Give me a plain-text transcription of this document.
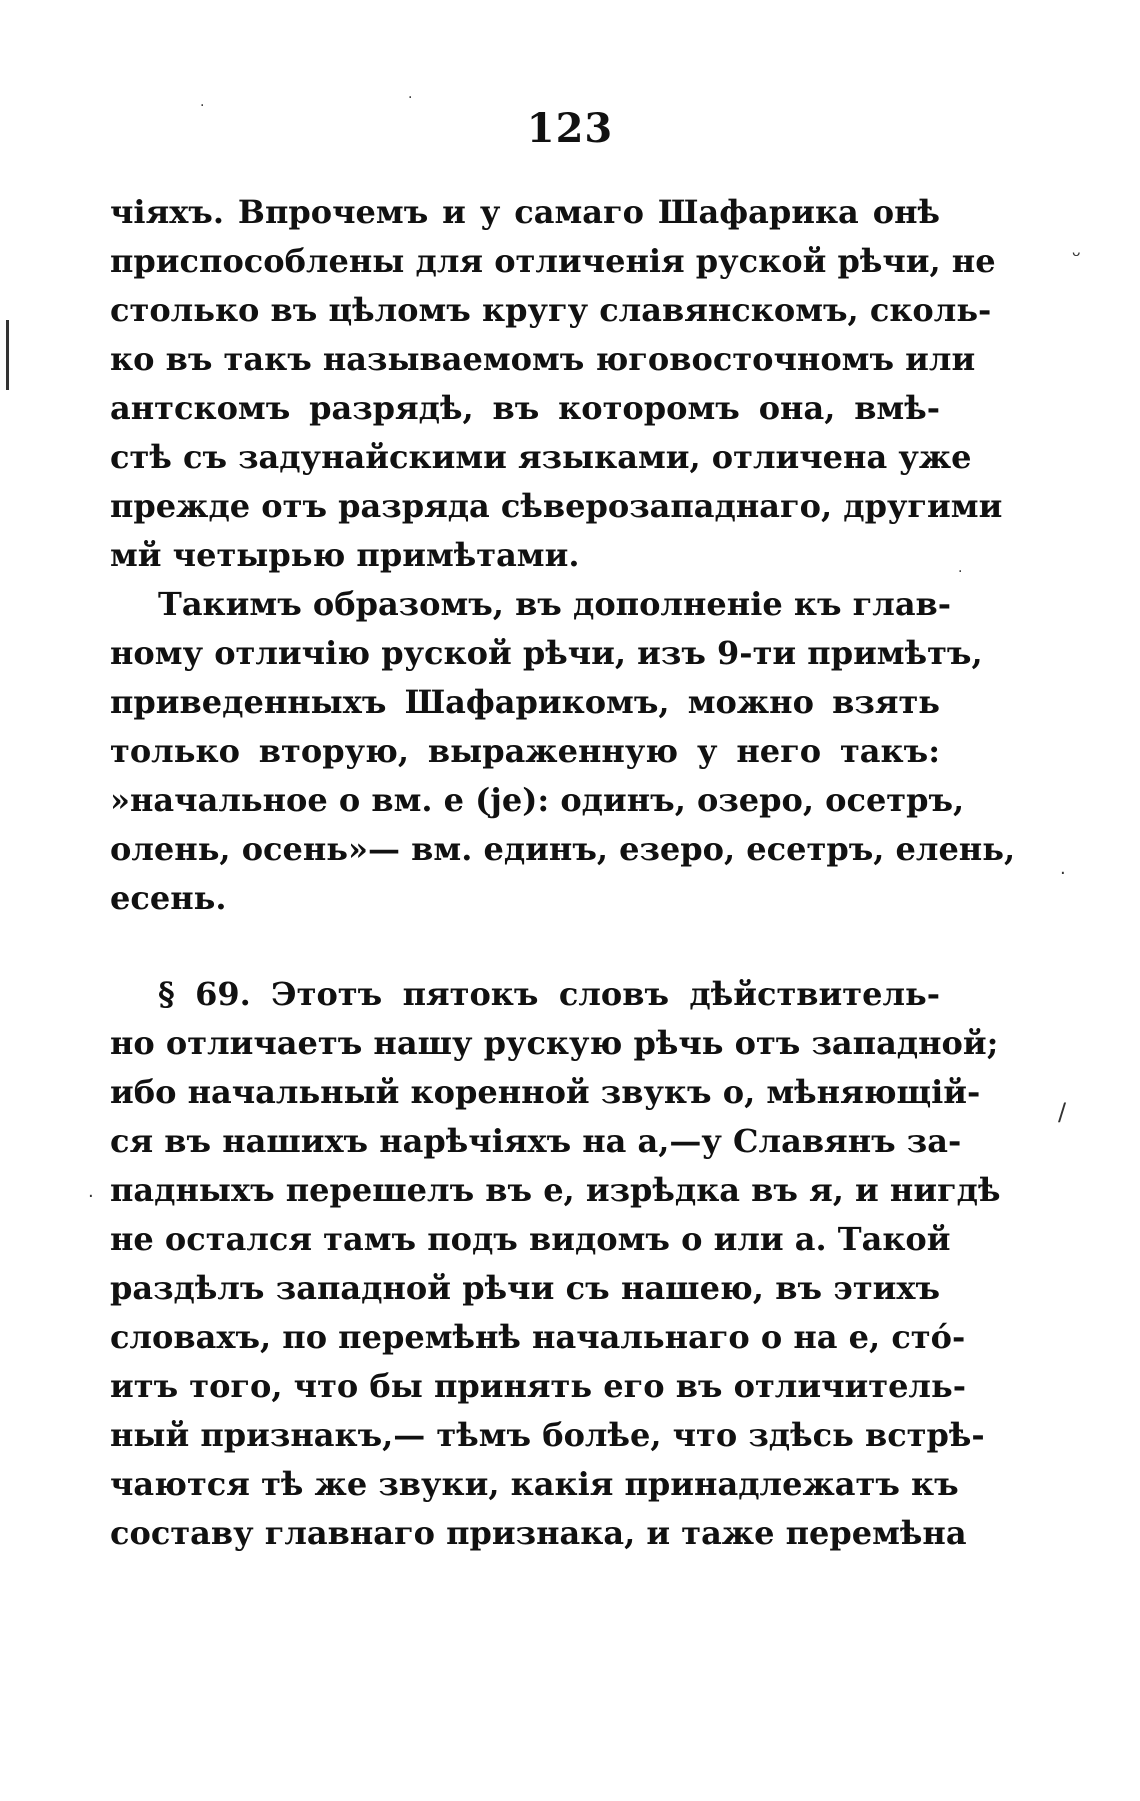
123
чіяхъ. Впрочемъ и у самаго Шафарика онѣ
приспособлены для отличенія руской рѣчи, не
столько въ цѣломъ кругу славянскомъ, сколь-
ко въ такъ называемомъ юговосточномъ или
антскомъ разрядѣ, въ которомъ она, вмѣ-
стѣ съ задунайскими языками, отличена уже
прежде отъ разряда сѣверозападнаго, другими
мй четырью примѣтами.
Такимъ образомъ, въ дополненіе къ глав-
ному отличію руской рѣчи, изъ 9-ти примѣтъ,
приведенныхъ Шафарикомъ, можно взять
только вторую, выраженную у него такъ:
»начальное о вм. е (je): одинъ, озеро, осетръ,
олень, осень»— вм. единъ, езеро, есетръ, елень,
есень.
§ 69. Этотъ пятокъ словъ дѣйствитель-
но отличаетъ нашу рускую рѣчь отъ западной;
ибо начальный коренной звукъ о, мѣняющій-
ся въ нашихъ нарѣчіяхъ на а,—у Славянъ за-
падныхъ перешелъ въ е, изрѣдка въ я, и нигдѣ
не остался тамъ подъ видомъ о или а. Такой
раздѣлъ западной рѣчи съ нашею, въ этихъ
словахъ, по перемѣнѣ начальнаго о на е, сто́-
итъ того, что бы принять его въ отличитель-
ный признакъ,— тѣмъ болѣе, что здѣсь встрѣ-
чаются тѣ же звуки, какія принадлежатъ къ
составу главнаго признака, и таже перемѣна
ᵕ
/
·
.
·	·
·
